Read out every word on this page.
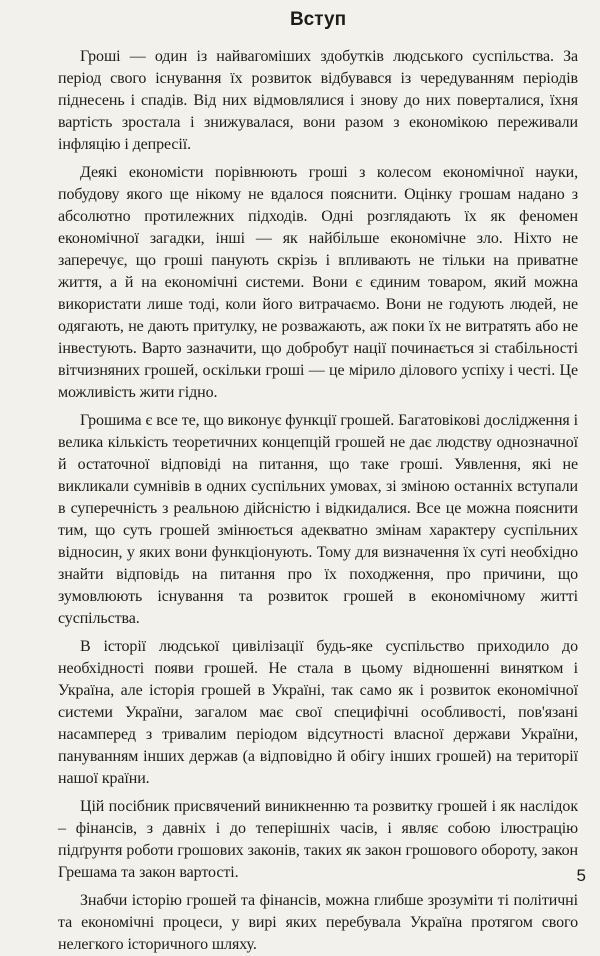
Вступ

Гроші — один із найвагоміших здобутків людського суспільства. За період свого існування їх розвиток відбувався із чередуванням періодів піднесень і спадів. Від них відмовлялися і знову до них поверталися, їхня вартість зростала і знижувалася, вони разом з економікою переживали інфляцію і депресії.

Деякі економісти порівнюють гроші з колесом економічної науки, побудову якого ще нікому не вдалося пояснити. Оцінку грошам надано з абсолютно протилежних підходів. Одні розглядають їх як феномен економічної загадки, інші — як найбільше економічне зло. Ніхто не заперечує, що гроші панують скрізь і впливають не тільки на приватне життя, а й на економічні системи. Вони є єдиним товаром, який можна використати лише тоді, коли його витрачаємо. Вони не годують людей, не одягають, не дають притулку, не розважають, аж поки їх не витратять або не інвестують. Варто зазначити, що добробут нації починається зі стабільності вітчизняних грошей, оскільки гроші — це мірило ділового успіху і честі. Це можливість жити гідно.

Грошима є все те, що виконує функції грошей. Багатовікові дослідження і велика кількість теоретичних концепцій грошей не дає людству однозначної й остаточної відповіді на питання, що таке гроші. Уявлення, які не викликали сумнівів в одних суспільних умовах, зі зміною останніх вступали в суперечність з реальною дійсністю і відкидалися. Все це можна пояснити тим, що суть грошей змінюється адекватно змінам характеру суспільних відносин, у яких вони функціонують. Тому для визначення їх суті необхідно знайти відповідь на питання про їх походження, про причини, що зумовлюють існування та розвиток грошей в економічному житті суспільства.

В історії людської цивілізації будь-яке суспільство приходило до необхідності появи грошей. Не стала в цьому відношенні винятком і Україна, але історія грошей в Україні, так само як і розвиток економічної системи України, загалом має свої специфічні особливості, пов'язані насамперед з тривалим періодом відсутності власної держави України, пануванням інших держав (а відповідно й обігу інших грошей) на території нашої країни.

Цій посібник присвячений виникненню та розвитку грошей і як наслідок – фінансів, з давніх і до теперішніх часів, і являє собою ілюстрацію підґрунтя роботи грошових законів, таких як закон грошового обороту, закон Грешама та закон вартості.

Знабчи історію грошей та фінансів, можна глибше зрозуміти ті політичні та економічні процеси, у вирі яких перебувала Україна протягом свого нелегкого історичного шляху.

5
